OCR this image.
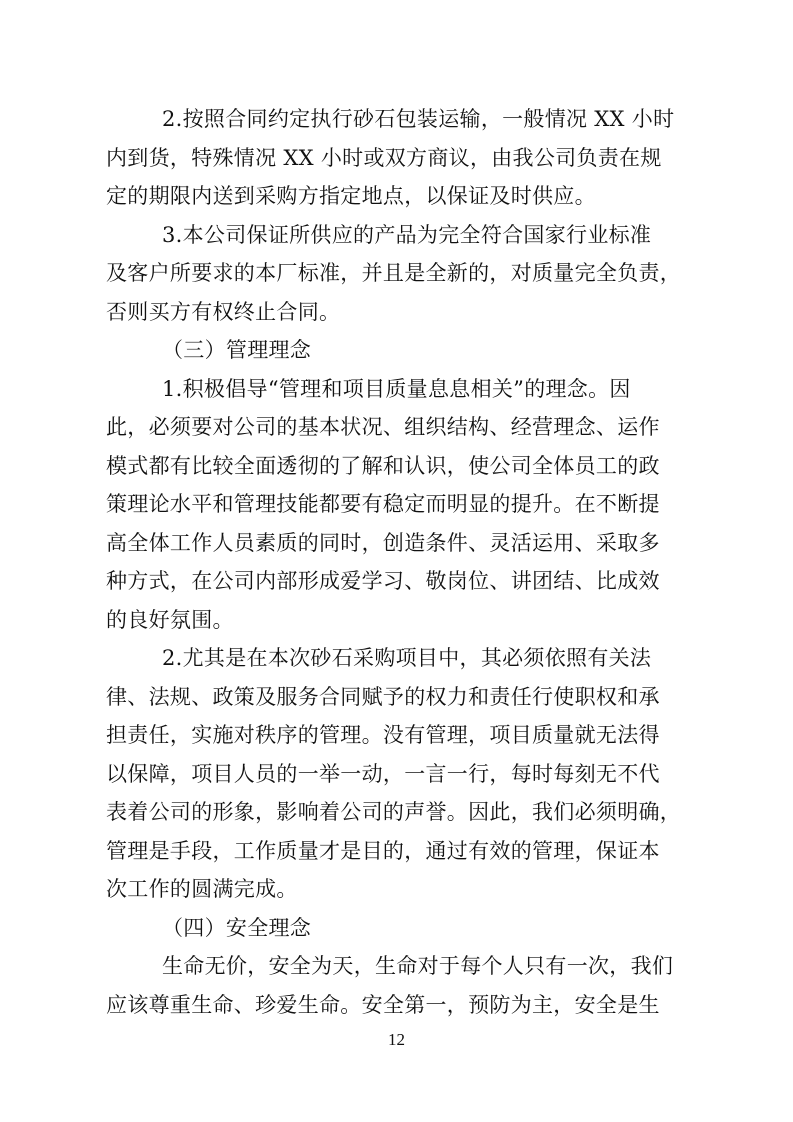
2.按照合同约定执行砂石包装运输，一般情况 XX 小时
内到货，特殊情况 XX 小时或双方商议，由我公司负责在规
定的期限内送到采购方指定地点，以保证及时供应。
3.本公司保证所供应的产品为完全符合国家行业标准
及客户所要求的本厂标准，并且是全新的，对质量完全负责，
否则买方有权终止合同。
（三）管理理念
1.积极倡导“管理和项目质量息息相关”的理念。因
此，必须要对公司的基本状况、组织结构、经营理念、运作
模式都有比较全面透彻的了解和认识，使公司全体员工的政
策理论水平和管理技能都要有稳定而明显的提升。在不断提
高全体工作人员素质的同时，创造条件、灵活运用、采取多
种方式，在公司内部形成爱学习、敬岗位、讲团结、比成效
的良好氛围。
2.尤其是在本次砂石采购项目中，其必须依照有关法
律、法规、政策及服务合同赋予的权力和责任行使职权和承
担责任，实施对秩序的管理。没有管理，项目质量就无法得
以保障，项目人员的一举一动，一言一行，每时每刻无不代
表着公司的形象，影响着公司的声誉。因此，我们必须明确，
管理是手段，工作质量才是目的，通过有效的管理，保证本
次工作的圆满完成。
（四）安全理念
生命无价，安全为天，生命对于每个人只有一次，我们
应该尊重生命、珍爱生命。安全第一，预防为主，安全是生
12
